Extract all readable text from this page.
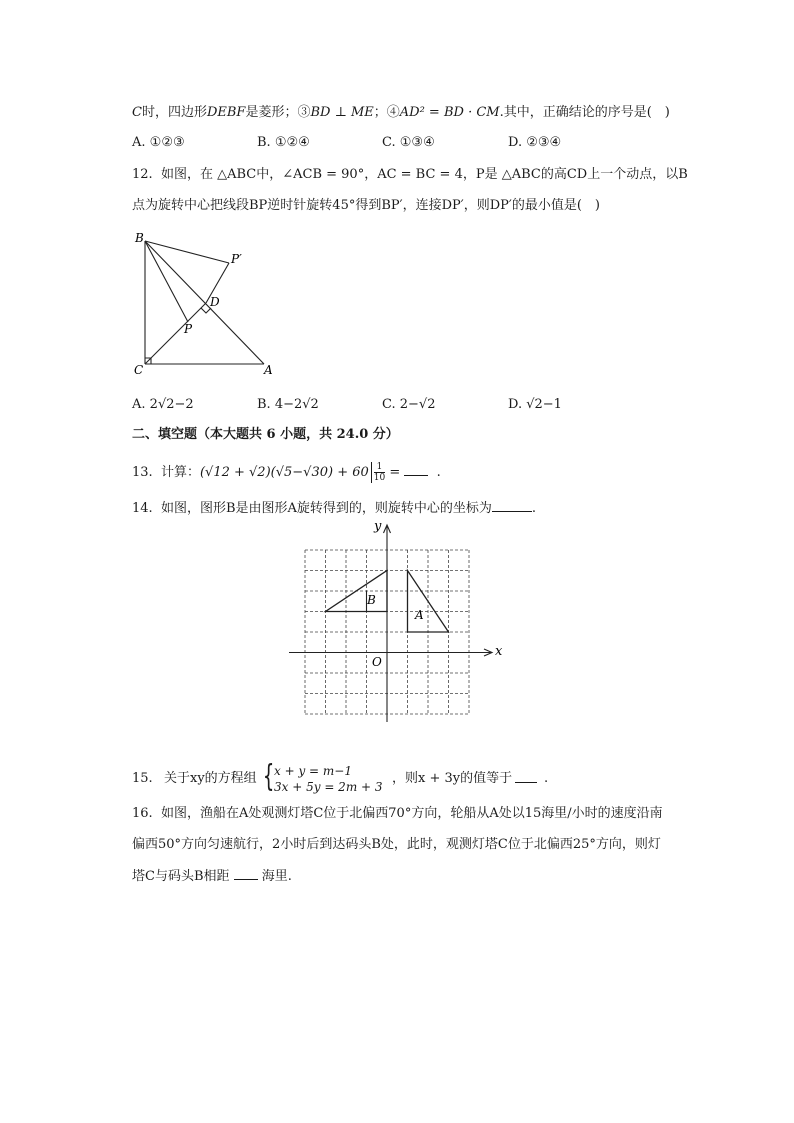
C时，四边形DEBF是菱形；③BD ⊥ ME；④AD² = BD · CM.其中，正确结论的序号是(　)
A. ①②③	B. ①②④	C. ①③④	D. ②③④
12. 如图，在 △ABC中，∠ACB = 90°，AC = BC = 4，P是 △ABC的高CD上一个动点，以B
点为旋转中心把线段BP逆时针旋转45°得到BP′，连接DP′，则DP′的最小值是(　)
B
P′
D
P
C	A
A. 2√2−2	B. 4−2√2	C. 2−√2	D. √2−1
二、填空题（本大题共 6 小题，共 24.0 分）
13. 计算：$(√12 + √2)(√5-√30) + 60 \frac{1}{10}$ =	.
14. 如图，图形B是由图形A旋转得到的，则旋转中心的坐标为	.
y
x
O
B
A
15. 关于xy的方程组 { x + y = m−1
3x + 5y = 2m + 3
，则x + 3y的值等于 .
16. 如图，渔船在A处观测灯塔C位于北偏西70°方向，轮船从A处以15海里/小时的速度沿南
偏西50°方向匀速航行，2小时后到达码头B处，此时，观测灯塔C位于北偏西25°方向，则灯
塔C与码头B相距 海里.
